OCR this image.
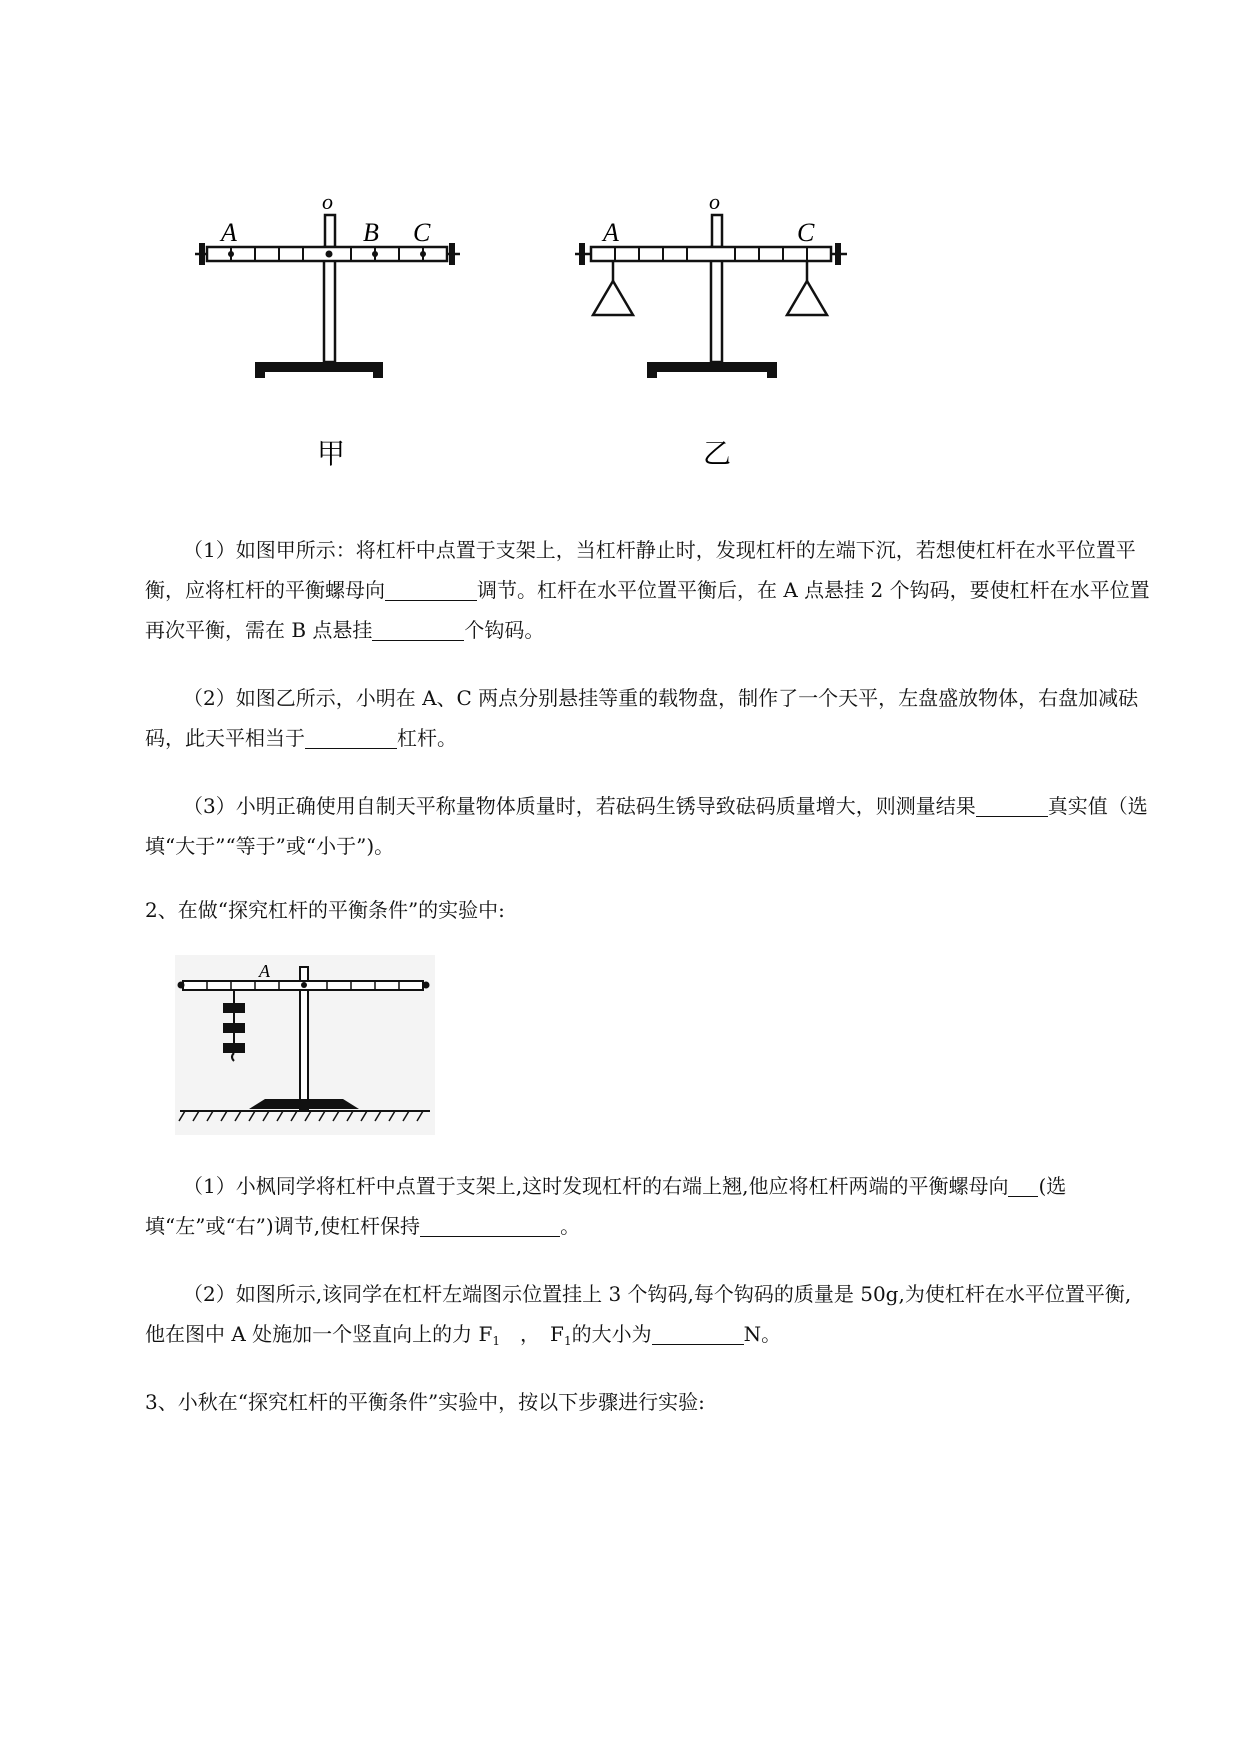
o
A	B C
甲
o
A	C
乙

（1）如图甲所示：将杠杆中点置于支架上，当杠杆静止时，发现杠杆的左端下沉，若想使杠杆在水平位置平衡，应将杠杆的平衡螺母向	调节。杠杆在水平位置平衡后，在 A 点悬挂 2 个钩码，要使杠杆在水平位置再次平衡，需在 B 点悬挂	个钩码。

（2）如图乙所示，小明在 A、C 两点分别悬挂等重的载物盘，制作了一个天平，左盘盛放物体，右盘加减砝码，此天平相当于	杠杆。

（3）小明正确使用自制天平称量物体质量时，若砝码生锈导致砝码质量增大，则测量结果	真实值（选填“大于”“等于”或“小于”)。

2、在做“探究杠杆的平衡条件”的实验中:

A

（1）小枫同学将杠杆中点置于支架上,这时发现杠杆的右端上翘,他应将杠杆两端的平衡螺母向 (选填“左”或“右”)调节,使杠杆保持	。

（2）如图所示,该同学在杠杆左端图示位置挂上 3 个钩码,每个钩码的质量是 50g,为使杠杆在水平位置平衡,他在图中 A 处施加一个竖直向上的力 $F_1$　，　$F_1$的大小为	N。

3、小秋在“探究杠杆的平衡条件”实验中，按以下步骤进行实验:
